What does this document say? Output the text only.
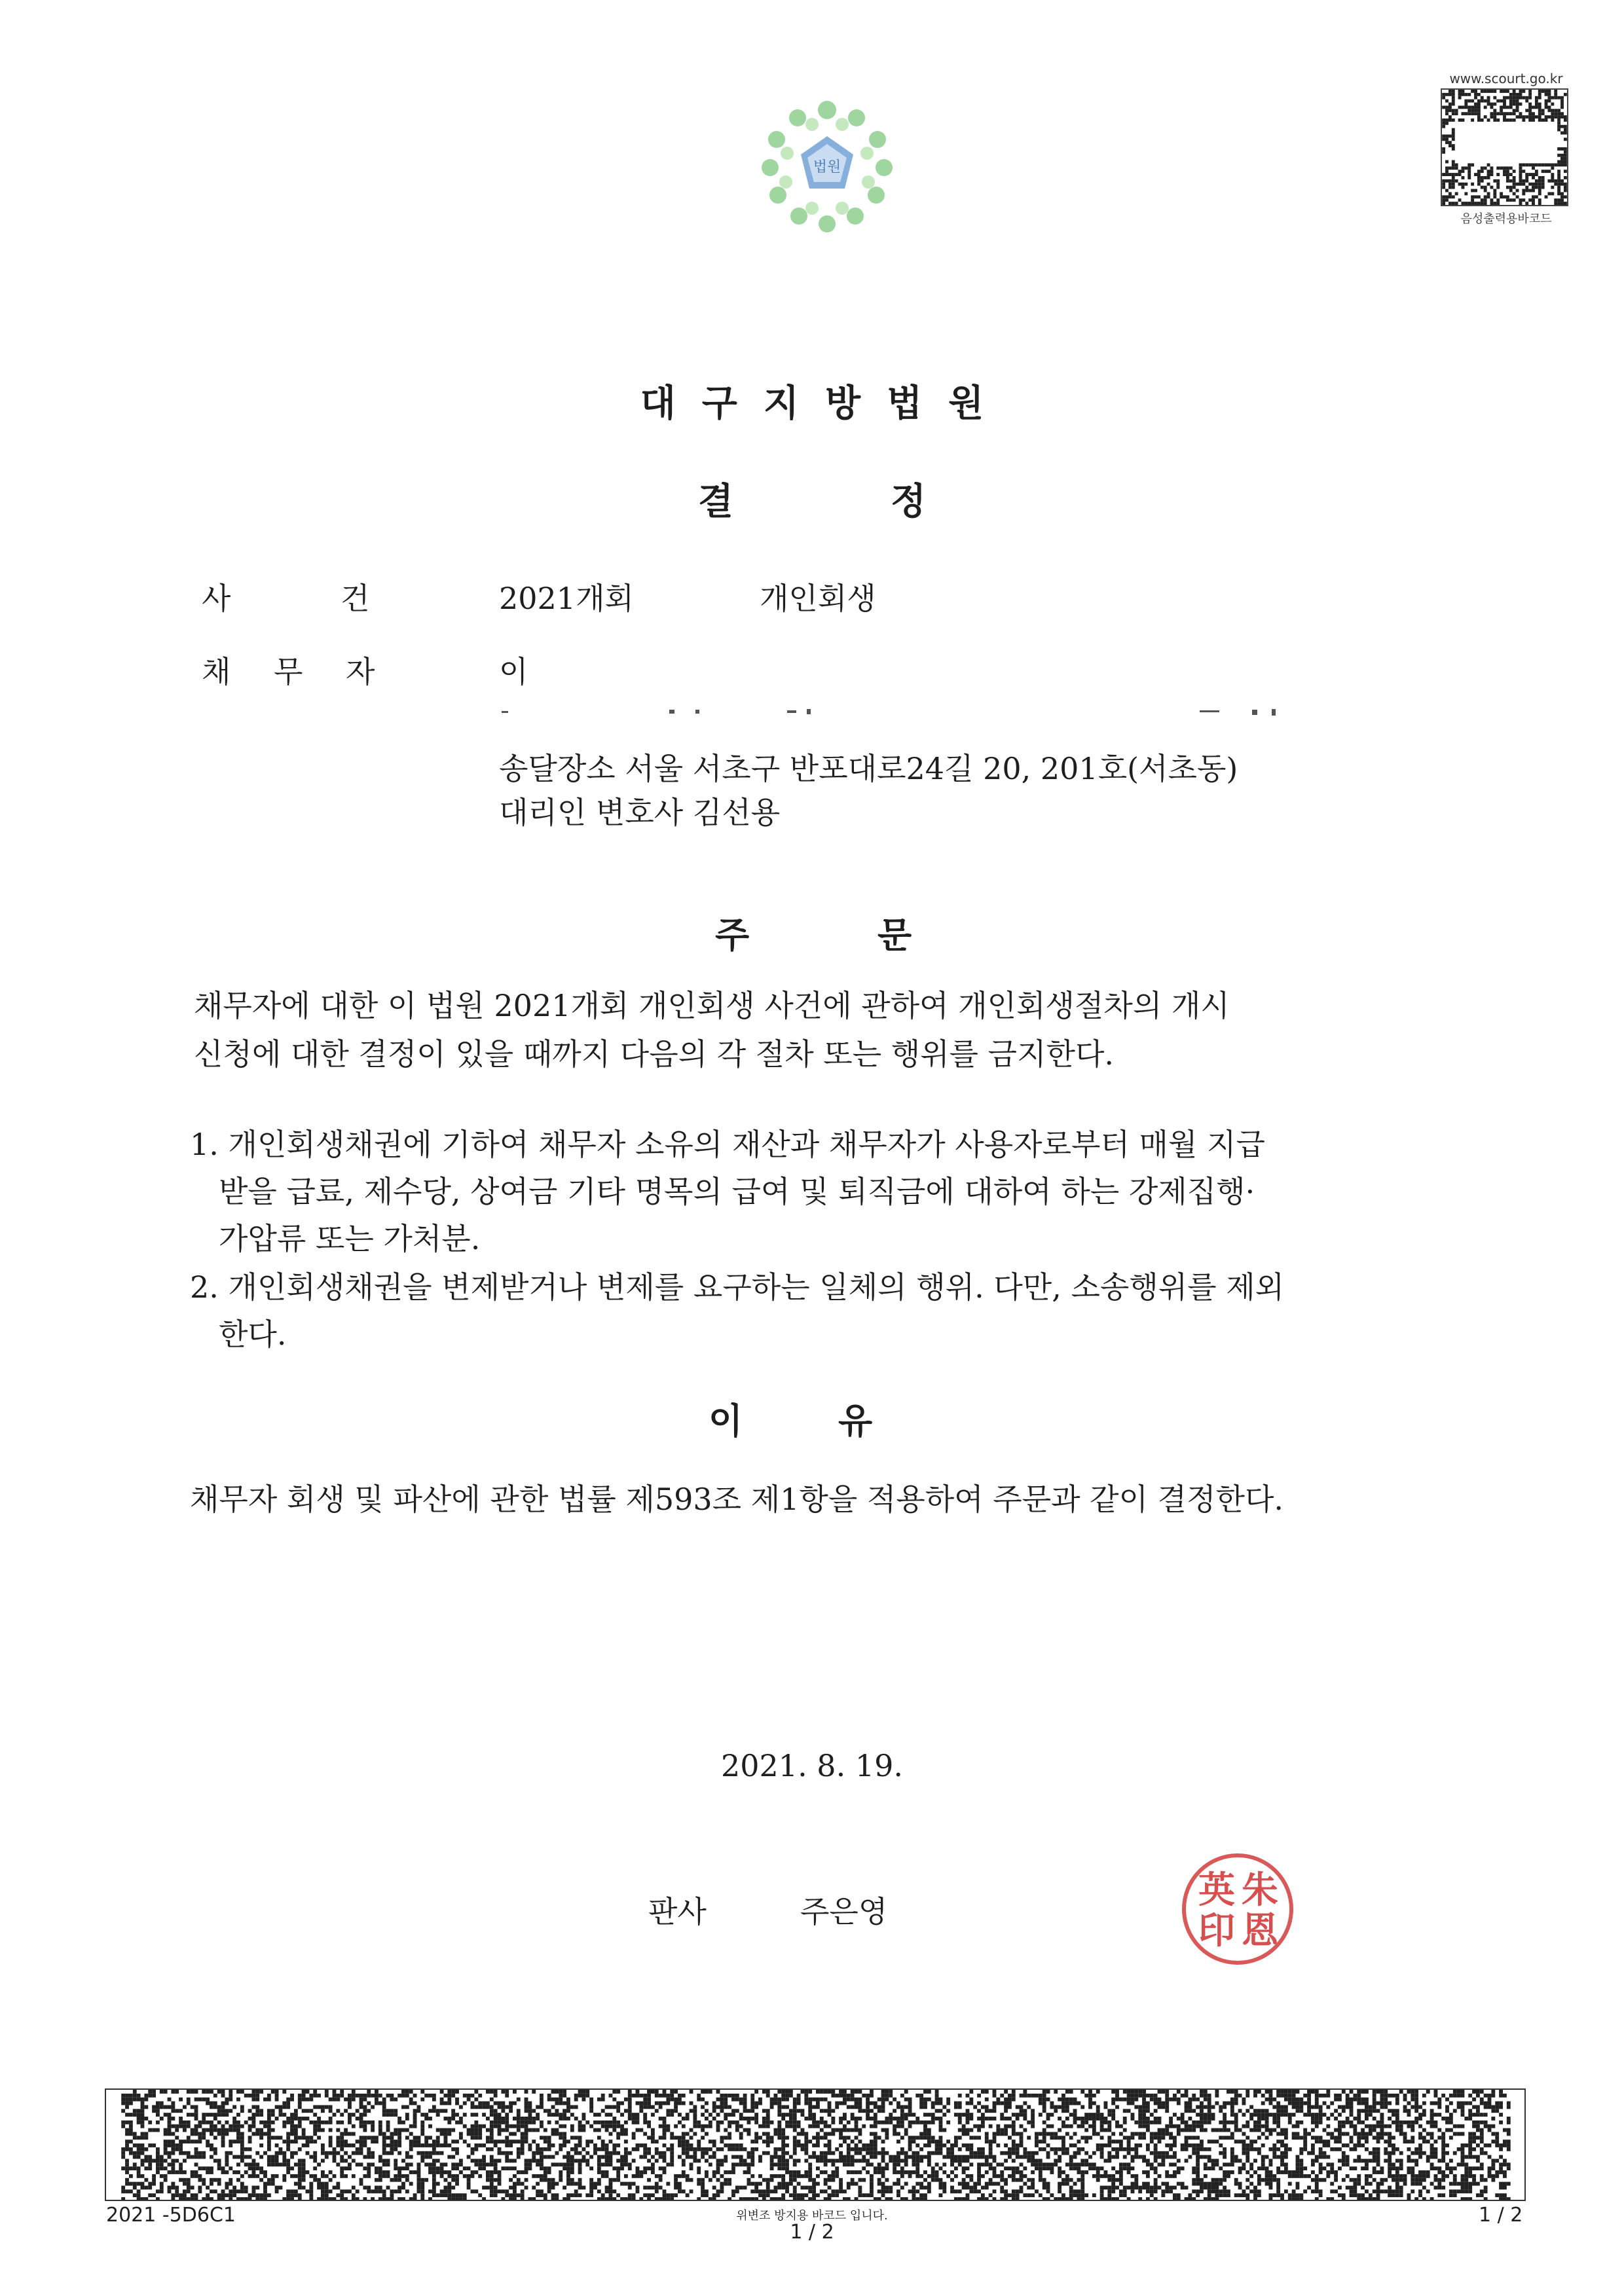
법원
www.scourt.go.kr
음성출력용바코드
대구지방법원
결	정
사	건	2021개회	개인회생
채 무 자	이
송달장소 서울 서초구 반포대로24길 20, 201호(서초동)
대리인 변호사 김선용
주	문
채무자에 대한 이 법원 2021개회 개인회생 사건에 관하여 개인회생절차의 개시
신청에 대한 결정이 있을 때까지 다음의 각 절차 또는 행위를 금지한다.
1. 개인회생채권에 기하여 채무자 소유의 재산과 채무자가 사용자로부터 매월 지급
받을 급료, 제수당, 상여금 기타 명목의 급여 및 퇴직금에 대하여 하는 강제집행·
가압류 또는 가처분.
2. 개인회생채권을 변제받거나 변제를 요구하는 일체의 행위. 다만, 소송행위를 제외
한다.
이	유
채무자 회생 및 파산에 관한 법률 제593조 제1항을 적용하여 주문과 같이 결정한다.
2021. 8. 19.
판사	주은영	朱
恩
英
印
2021 -5D6C1	위변조 방지용 바코드 입니다.
1 / 2
1 / 2
